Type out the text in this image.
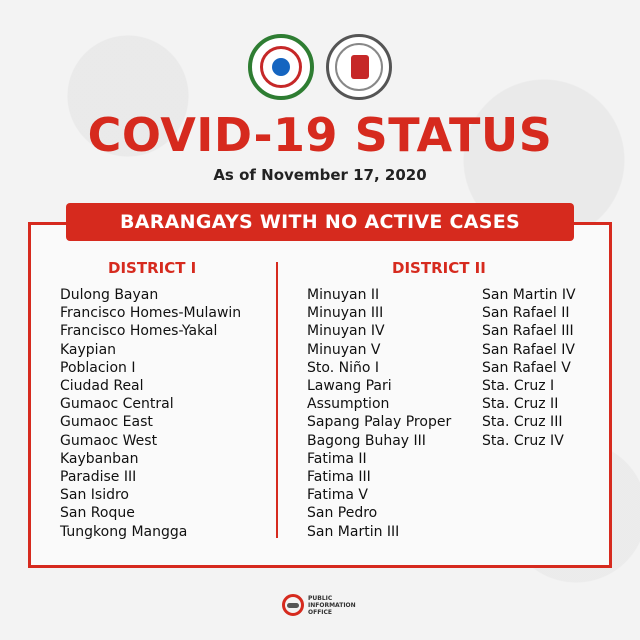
COVID-19 STATUS
As of November 17, 2020
BARANGAYS WITH NO ACTIVE CASES
DISTRICT I	DISTRICT II
Dulong Bayan
Francisco Homes-Mulawin
Francisco Homes-Yakal
Kaypian
Poblacion I
Ciudad Real
Gumaoc Central
Gumaoc East
Gumaoc West
Kaybanban
Paradise III
San Isidro
San Roque
Tungkong Mangga
Minuyan II
Minuyan III
Minuyan IV
Minuyan V
Sto. Niño I
Lawang Pari
Assumption
Sapang Palay Proper
Bagong Buhay III
Fatima II
Fatima III
Fatima V
San Pedro
San Martin III
San Martin IV
San Rafael II
San Rafael III
San Rafael IV
San Rafael V
Sta. Cruz I
Sta. Cruz II
Sta. Cruz III
Sta. Cruz IV
PUBLIC
INFORMATION
OFFICE
